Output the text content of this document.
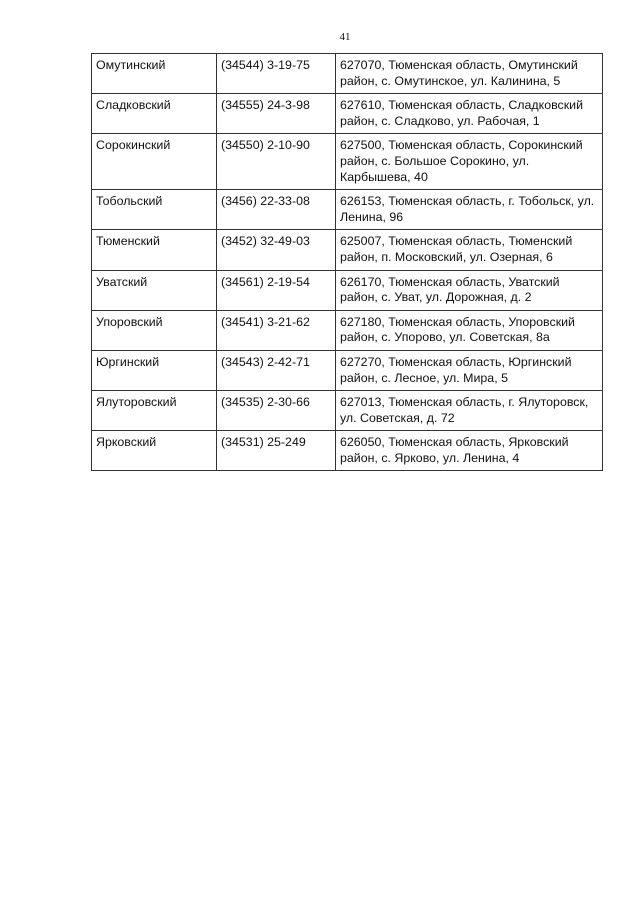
41
Омутинский	(34544) 3-19-75	627070, Тюменская область, Омутинский район, с. Омутинское, ул. Калинина, 5
Сладковский	(34555) 24-3-98	627610, Тюменская область, Сладковский район, с. Сладково, ул. Рабочая, 1
Сорокинский	(34550) 2-10-90	627500, Тюменская область, Сорокинский район, с. Большое Сорокино, ул. Карбышева, 40
Тобольский	(3456) 22-33-08	626153, Тюменская область, г. Тобольск, ул. Ленина, 96
Тюменский	(3452) 32-49-03	625007, Тюменская область, Тюменский район, п. Московский, ул. Озерная, 6
Уватский	(34561) 2-19-54	626170, Тюменская область, Уватский район, с. Уват, ул. Дорожная, д. 2
Упоровский	(34541) 3-21-62	627180, Тюменская область, Упоровский район, с. Упорово, ул. Советская, 8а
Юргинский	(34543) 2-42-71	627270, Тюменская область, Юргинский район, с. Лесное, ул. Мира, 5
Ялуторовский	(34535) 2-30-66	627013, Тюменская область, г. Ялуторовск, ул. Советская, д. 72
Ярковский	(34531) 25-249	626050, Тюменская область, Ярковский район, с. Ярково, ул. Ленина, 4
